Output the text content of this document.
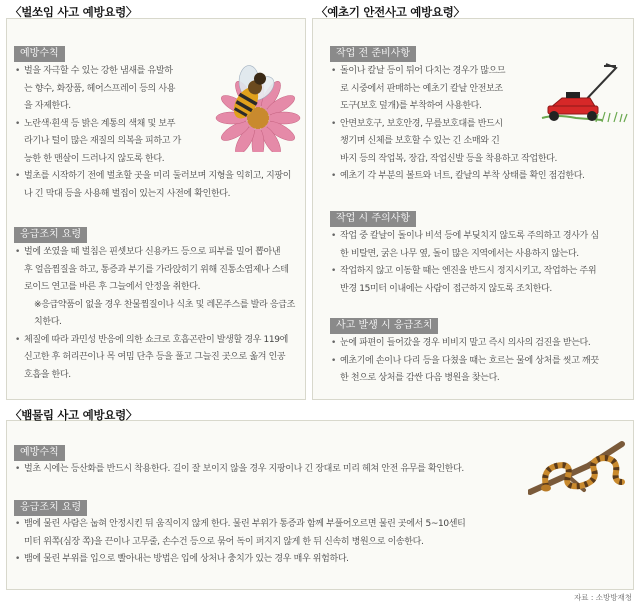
〈벌쏘임 사고 예방요령〉
예방수칙

• 벌을 자극할 수 있는 강한 냄새를 유발하

는 향수, 화장품, 헤어스프레이 등의 사용

을 자제한다.

• 노란색·흰색 등 밝은 계통의 색채 및 보푸

라기나 털이 많은 재질의 의복을 피하고 가

능한 한 맨살이 드러나지 않도록 한다.

• 벌초를 시작하기 전에 벌초할 곳을 미리 둘러보며 지형을 익히고, 지팡이

나 긴 막대 등을 사용해 벌집이 있는지 사전에 확인한다.

응급조치 요령

• 벌에 쏘였을 때 벌침은 핀셋보다 신용카드 등으로 피부를 밀어 뽑아낸

후 얼음찜질을 하고, 통증과 부기를 가라앉히기 위해 진통소염제나 스테

로이드 연고를 바른 후 그늘에서 안정을 취한다.

※응급약품이 없을 경우 찬물찜질이나 식초 및 레몬주스를 발라 응급조

치한다.

• 체질에 따라 과민성 반응에 의한 쇼크로 호흡곤란이 발생할 경우 119에

신고한 후 허리끈이나 목 여밈 단추 등을 풀고 그늘진 곳으로 옮겨 인공

호흡을 한다.

〈예초기 안전사고 예방요령〉
작업 전 준비사항

• 돌이나 칼날 등이 튀어 다치는 경우가 많으므

로 시중에서 판매하는 예초기 칼날 안전보조

도구(보호 덮개)를 부착하여 사용한다.

• 안면보호구, 보호안경, 무릎보호대를 반드시

챙기며 신체를 보호할 수 있는 긴 소매와 긴

바지 등의 작업복, 장갑, 작업신발 등을 착용하고 작업한다.

• 예초기 각 부분의 볼트와 너트, 칼날의 부착 상태를 확인 점검한다.

작업 시 주의사항

• 작업 중 칼날이 돌이나 비석 등에 부딪치지 않도록 주의하고 경사가 심

한 비탈면, 굵은 나무 옆, 돌이 많은 지역에서는 사용하지 않는다.

• 작업하지 않고 이동할 때는 엔진을 반드시 정지시키고, 작업하는 주위

반경 15미터 이내에는 사람이 접근하지 않도록 조치한다.

사고 발생 시 응급조치

• 눈에 파편이 들어갔을 경우 비비지 말고 즉시 의사의 검진을 받는다.

• 예초기에 손이나 다리 등을 다쳤을 때는 흐르는 물에 상처를 씻고 깨끗

한 천으로 상처를 감싼 다음 병원을 찾는다.

〈뱀물림 사고 예방요령〉
예방수칙

• 벌초 시에는 등산화를 반드시 착용한다. 길이 잘 보이지 않을 경우 지팡이나 긴 장대로 미리 헤쳐 안전 유무를 확인한다.

응급조치 요령

• 뱀에 물린 사람은 눕혀 안정시킨 뒤 움직이지 않게 한다. 물린 부위가 통증과 함께 부풀어오르면 물린 곳에서 5~10센티

미터 위쪽(심장 쪽)을 끈이나 고무줄, 손수건 등으로 묶어 독이 퍼지지 않게 한 뒤 신속히 병원으로 이송한다.

• 뱀에 물린 부위를 입으로 빨아내는 방법은 입에 상처나 충치가 있는 경우 매우 위험하다.

자료 : 소방방재청
